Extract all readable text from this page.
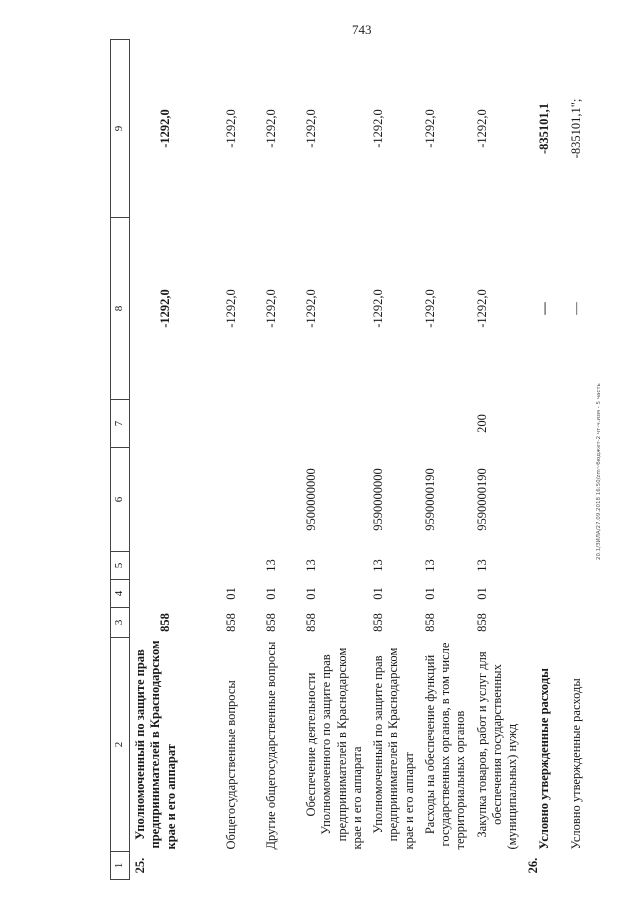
743
20.1/ЗИЛА/27.09.2018 16:50/zm~бюджет-2 чт-ч.изм - 5 часть
1	2	3	4	5	6	7	8	9
25.	Уполномоченный по защите прав предпринимателей в Краснодарском крае и его аппарат	858					-1292,0	-1292,0
	Общегосударственные вопросы	858	01				-1292,0	-1292,0
	Другие общегосударственные вопросы	858	01	13			-1292,0	-1292,0
	Обеспечение деятельности Уполномоченного по защите прав предпринимателей в Краснодарском крае и его аппарата	858	01	13	9500000000		-1292,0	-1292,0
	Уполномоченный по защите прав предпринимателей в Краснодарском крае и его аппарат	858	01	13	9590000000		-1292,0	-1292,0
	Расходы на обеспечение функций государственных органов, в том числе территориальных органов	858	01	13	9590000190		-1292,0	-1292,0
	Закупка товаров, работ и услуг для обеспечения государственных (муниципальных) нужд	858	01	13	9590000190	200	-1292,0	-1292,0
26.	Условно утвержденные расходы						—	-835101,1
	Условно утвержденные расходы						—	-835101,1";
